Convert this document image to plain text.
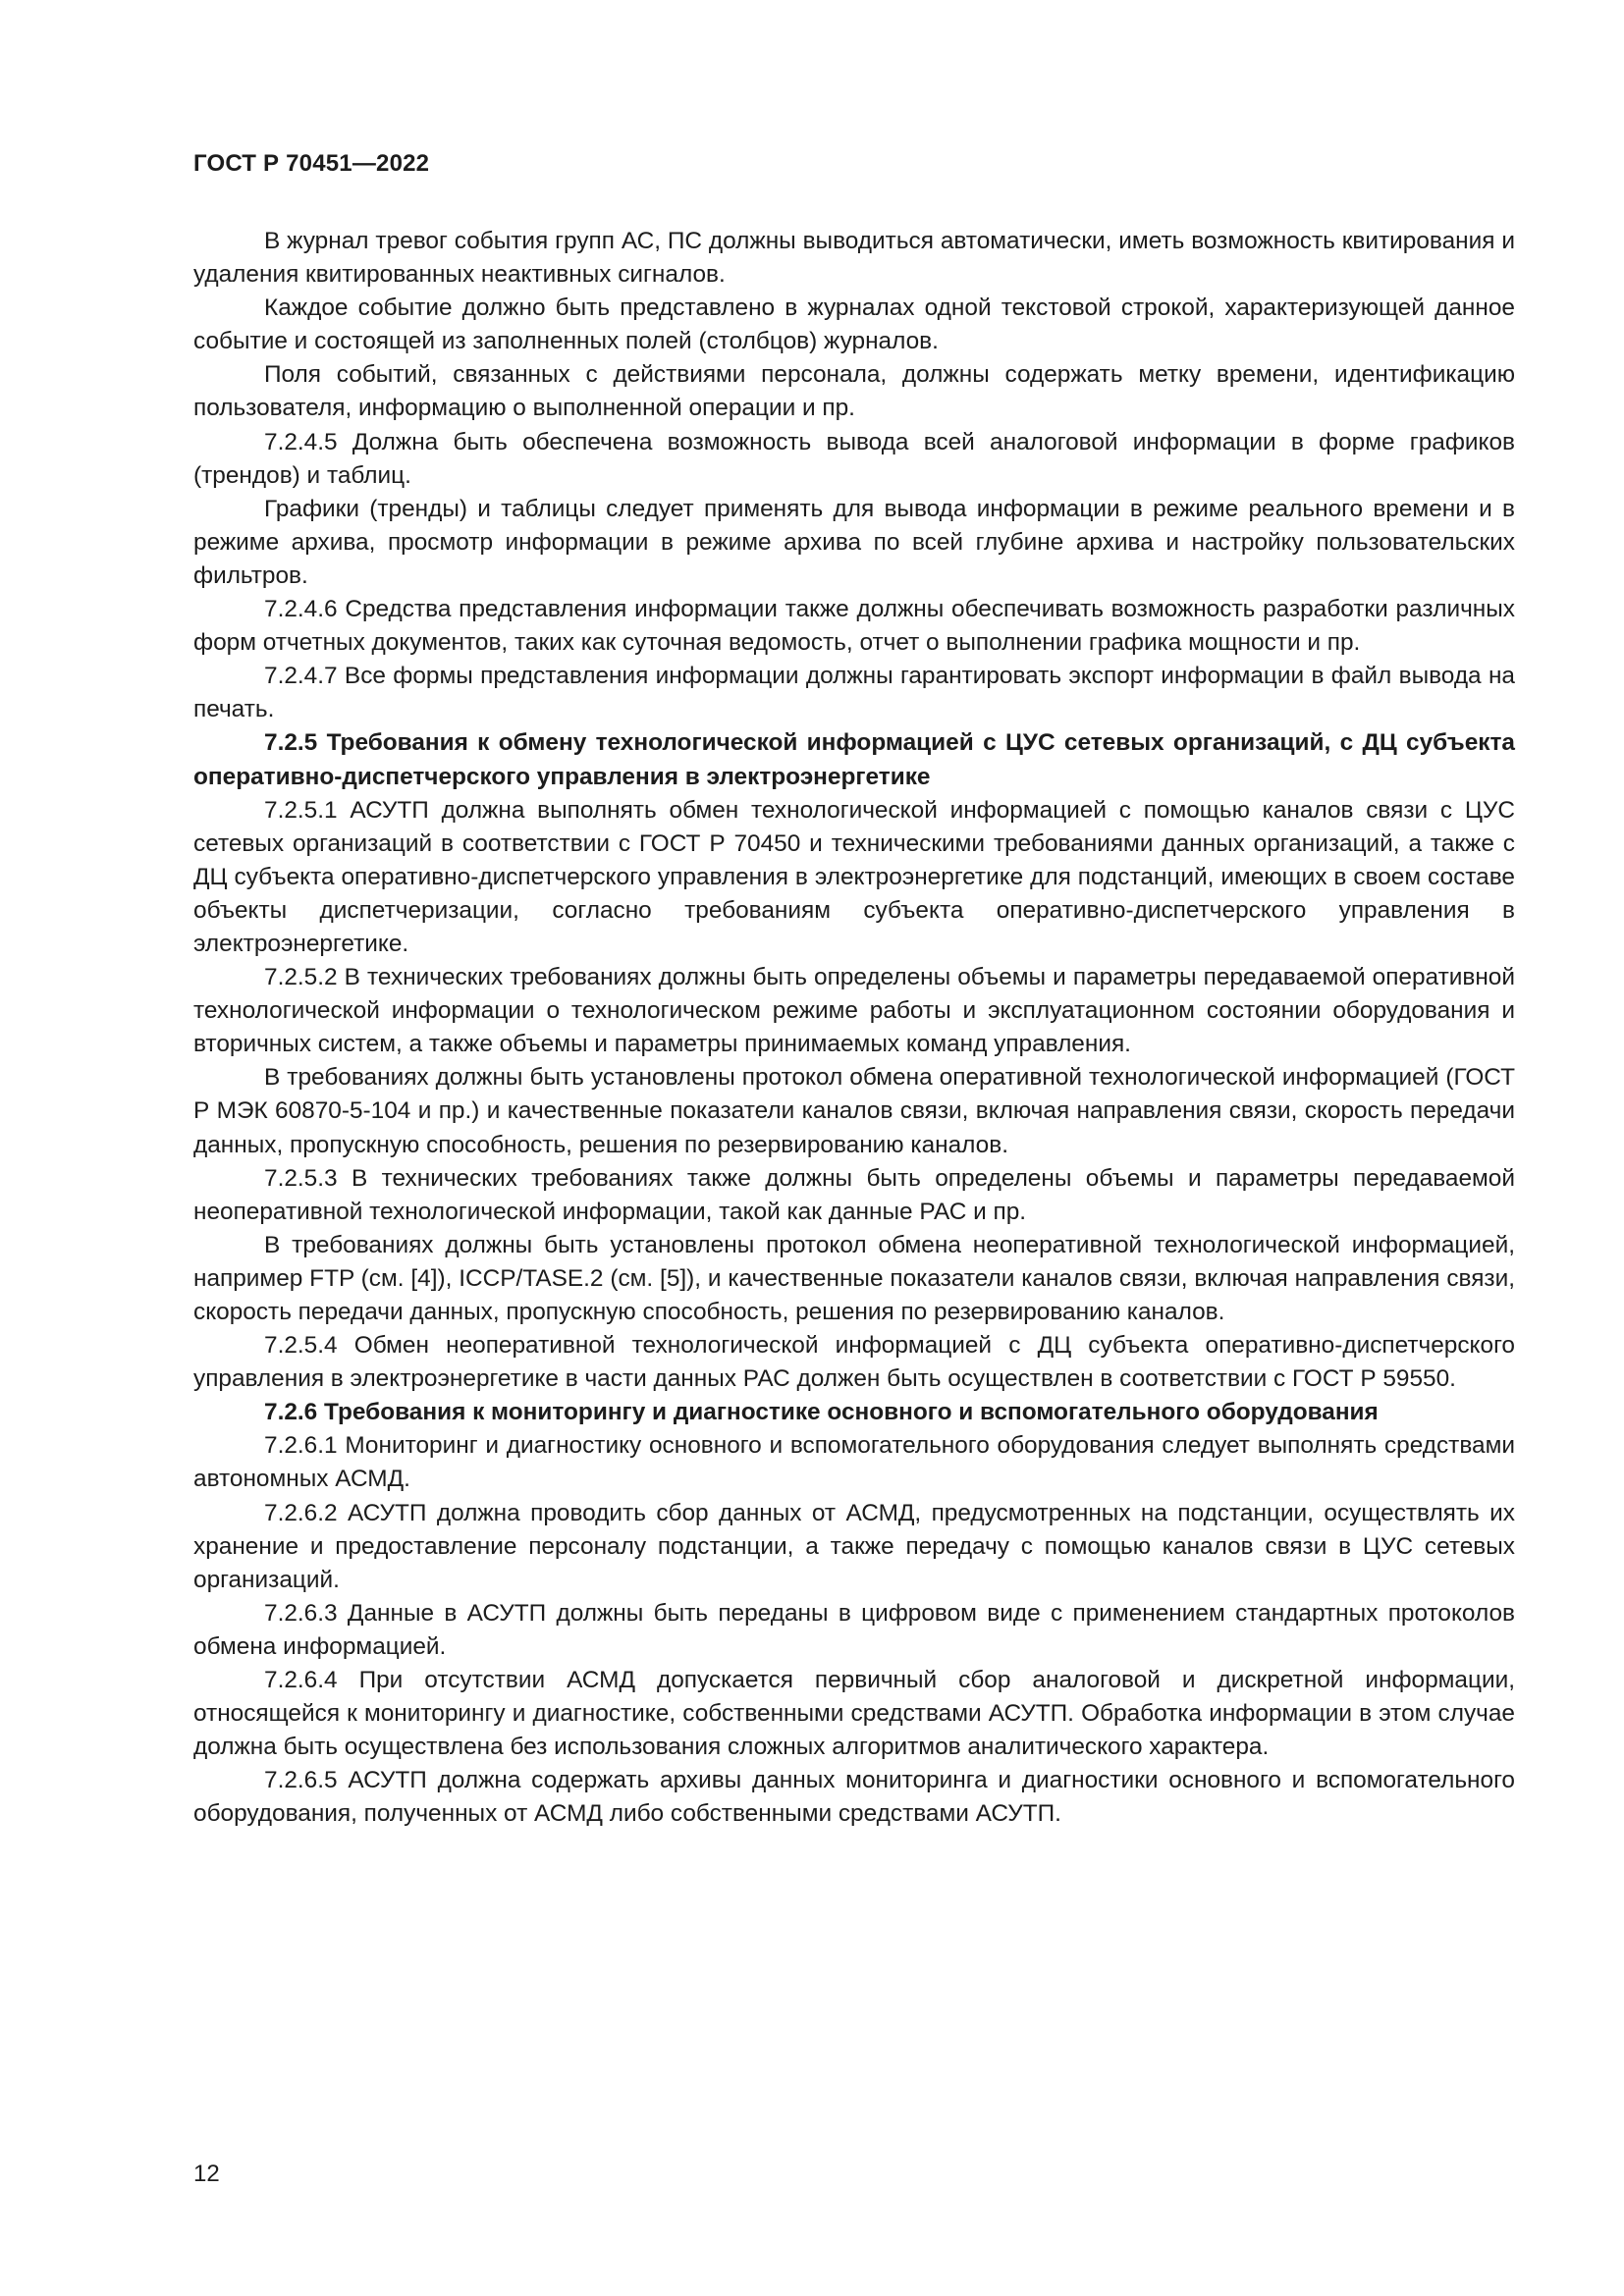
ГОСТ Р 70451—2022

В журнал тревог события групп АС, ПС должны выводиться автоматически, иметь возможность квитирования и удаления квитированных неактивных сигналов.

Каждое событие должно быть представлено в журналах одной текстовой строкой, характеризующей данное событие и состоящей из заполненных полей (столбцов) журналов.

Поля событий, связанных с действиями персонала, должны содержать метку времени, идентификацию пользователя, информацию о выполненной операции и пр.

7.2.4.5 Должна быть обеспечена возможность вывода всей аналоговой информации в форме графиков (трендов) и таблиц.

Графики (тренды) и таблицы следует применять для вывода информации в режиме реального времени и в режиме архива, просмотр информации в режиме архива по всей глубине архива и настройку пользовательских фильтров.

7.2.4.6 Средства представления информации также должны обеспечивать возможность разработки различных форм отчетных документов, таких как суточная ведомость, отчет о выполнении графика мощности и пр.

7.2.4.7 Все формы представления информации должны гарантировать экспорт информации в файл вывода на печать.

7.2.5 Требования к обмену технологической информацией с ЦУС сетевых организаций, с ДЦ субъекта оперативно-диспетчерского управления в электроэнергетике

7.2.5.1 АСУТП должна выполнять обмен технологической информацией с помощью каналов связи с ЦУС сетевых организаций в соответствии с ГОСТ Р 70450 и техническими требованиями данных организаций, а также с ДЦ субъекта оперативно-диспетчерского управления в электроэнергетике для подстанций, имеющих в своем составе объекты диспетчеризации, согласно требованиям субъекта оперативно-диспетчерского управления в электроэнергетике.

7.2.5.2 В технических требованиях должны быть определены объемы и параметры передаваемой оперативной технологической информации о технологическом режиме работы и эксплуатационном состоянии оборудования и вторичных систем, а также объемы и параметры принимаемых команд управления.

В требованиях должны быть установлены протокол обмена оперативной технологической информацией (ГОСТ Р МЭК 60870-5-104 и пр.) и качественные показатели каналов связи, включая направления связи, скорость передачи данных, пропускную способность, решения по резервированию каналов.

7.2.5.3 В технических требованиях также должны быть определены объемы и параметры передаваемой неоперативной технологической информации, такой как данные РАС и пр.

В требованиях должны быть установлены протокол обмена неоперативной технологической информацией, например FTP (см. [4]), ICCP/TASE.2 (см. [5]), и качественные показатели каналов связи, включая направления связи, скорость передачи данных, пропускную способность, решения по резервированию каналов.

7.2.5.4 Обмен неоперативной технологической информацией с ДЦ субъекта оперативно-диспетчерского управления в электроэнергетике в части данных РАС должен быть осуществлен в соответствии с ГОСТ Р 59550.

7.2.6 Требования к мониторингу и диагностике основного и вспомогательного оборудования

7.2.6.1 Мониторинг и диагностику основного и вспомогательного оборудования следует выполнять средствами автономных АСМД.

7.2.6.2 АСУТП должна проводить сбор данных от АСМД, предусмотренных на подстанции, осуществлять их хранение и предоставление персоналу подстанции, а также передачу с помощью каналов связи в ЦУС сетевых организаций.

7.2.6.3 Данные в АСУТП должны быть переданы в цифровом виде с применением стандартных протоколов обмена информацией.

7.2.6.4 При отсутствии АСМД допускается первичный сбор аналоговой и дискретной информации, относящейся к мониторингу и диагностике, собственными средствами АСУТП. Обработка информации в этом случае должна быть осуществлена без использования сложных алгоритмов аналитического характера.

7.2.6.5 АСУТП должна содержать архивы данных мониторинга и диагностики основного и вспомогательного оборудования, полученных от АСМД либо собственными средствами АСУТП.

12
